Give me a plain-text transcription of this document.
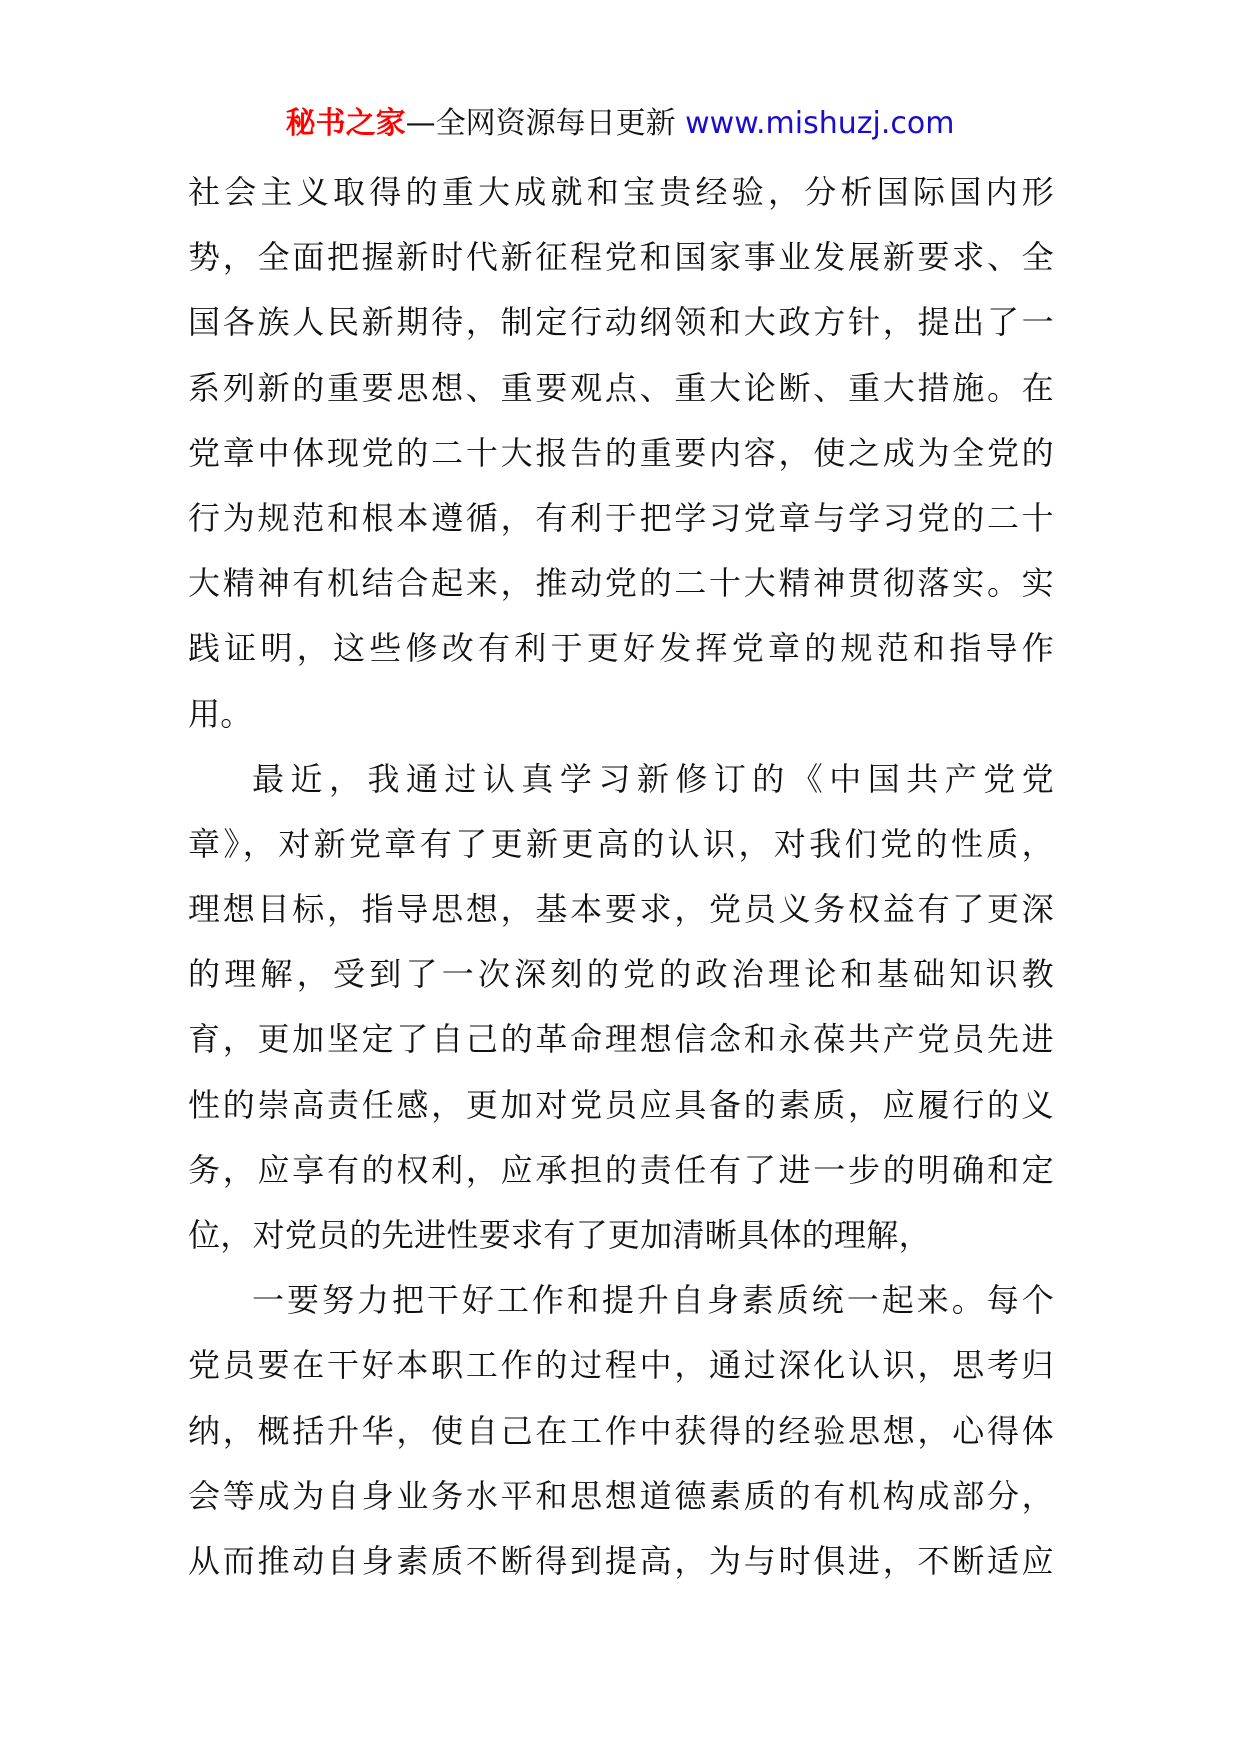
秘书之家—全网资源每日更新 www.mishuzj.com
社会主义取得的重大成就和宝贵经验，分析国际国内形
势，全面把握新时代新征程党和国家事业发展新要求、全
国各族人民新期待，制定行动纲领和大政方针，提出了一
系列新的重要思想、重要观点、重大论断、重大措施。在
党章中体现党的二十大报告的重要内容，使之成为全党的
行为规范和根本遵循，有利于把学习党章与学习党的二十
大精神有机结合起来，推动党的二十大精神贯彻落实。实
践证明，这些修改有利于更好发挥党章的规范和指导作
用。
最近，我通过认真学习新修订的《中国共产党党
章》，对新党章有了更新更高的认识，对我们党的性质，
理想目标，指导思想，基本要求，党员义务权益有了更深
的理解，受到了一次深刻的党的政治理论和基础知识教
育，更加坚定了自己的革命理想信念和永葆共产党员先进
性的崇高责任感，更加对党员应具备的素质，应履行的义
务，应享有的权利，应承担的责任有了进一步的明确和定
位，对党员的先进性要求有了更加清晰具体的理解，
一要努力把干好工作和提升自身素质统一起来。每个
党员要在干好本职工作的过程中，通过深化认识，思考归
纳，概括升华，使自己在工作中获得的经验思想，心得体
会等成为自身业务水平和思想道德素质的有机构成部分，
从而推动自身素质不断得到提高，为与时俱进，不断适应
